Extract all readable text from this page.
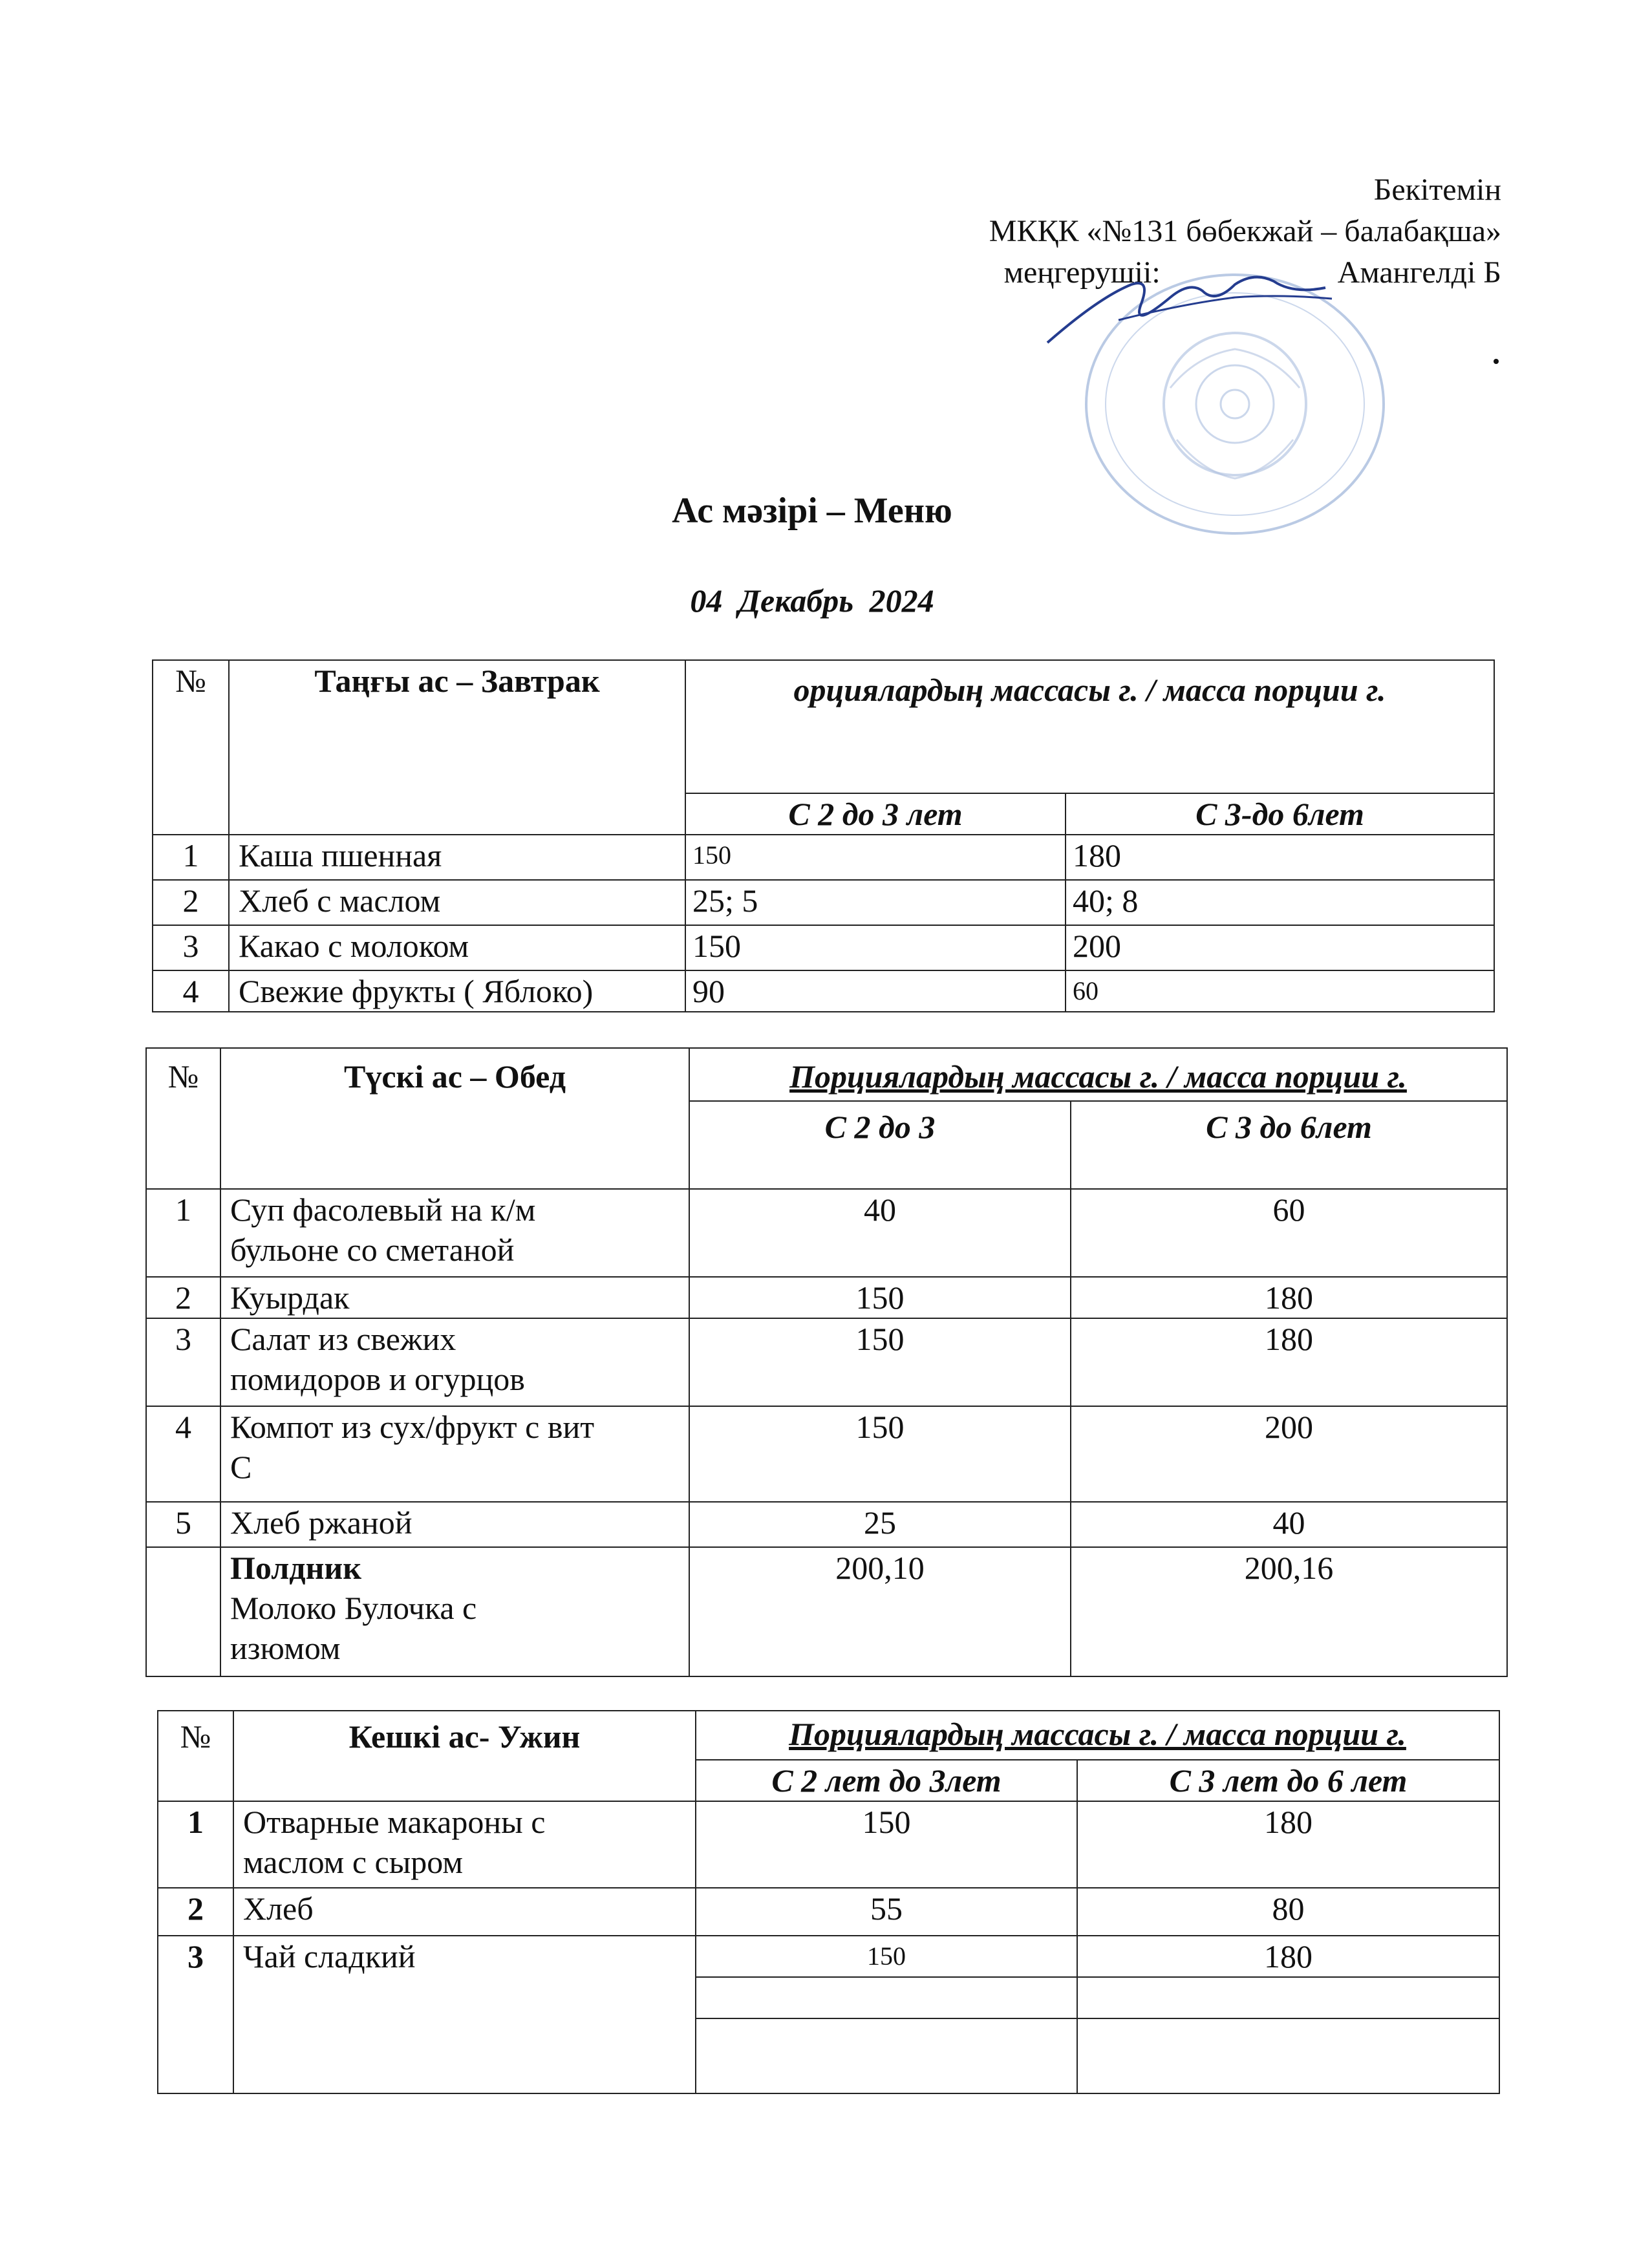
Бекітемін
МКҚК «№131 бөбекжай – балабақша»
меңгерушіі:	Амангелді Б
Ас мәзірі – Меню
04 Декабрь 2024
№	Таңғы ас – Завтрак	орциялардың массасы г. / масса порции г.	
		С 2 до 3 лет	С 3-до 6лет
1	Каша пшенная	150	180
2	Хлеб с маслом	25; 5	40; 8
3	Какао с молоком	150	200
4	Свежие фрукты ( Яблоко)	90	60
№	Түскі ас – Обед	Порциялардың массасы г. / масса порции г.	
		С 2 до 3	С 3 до 6лет
1	Суп фасолевый на к/м
бульоне со сметаной	40	60
2	Куырдак	150	180
3	Салат из свежих
помидоров и огурцов	150	180
4	Компот из сух/фрукт с вит
С	150	200
5	Хлеб ржаной	25	40

	Полдник
Молоко Булочка с
изюмом	200,10	200,16
№	Кешкі ас- Ужин	Порциялардың массасы г. / масса порции г.	
		С 2 лет до 3лет	С 3 лет до 6 лет
1	Отварные макароны с
маслом с сыром	150	180
2	Хлеб	55	80
3	Чай сладкий	150	180
